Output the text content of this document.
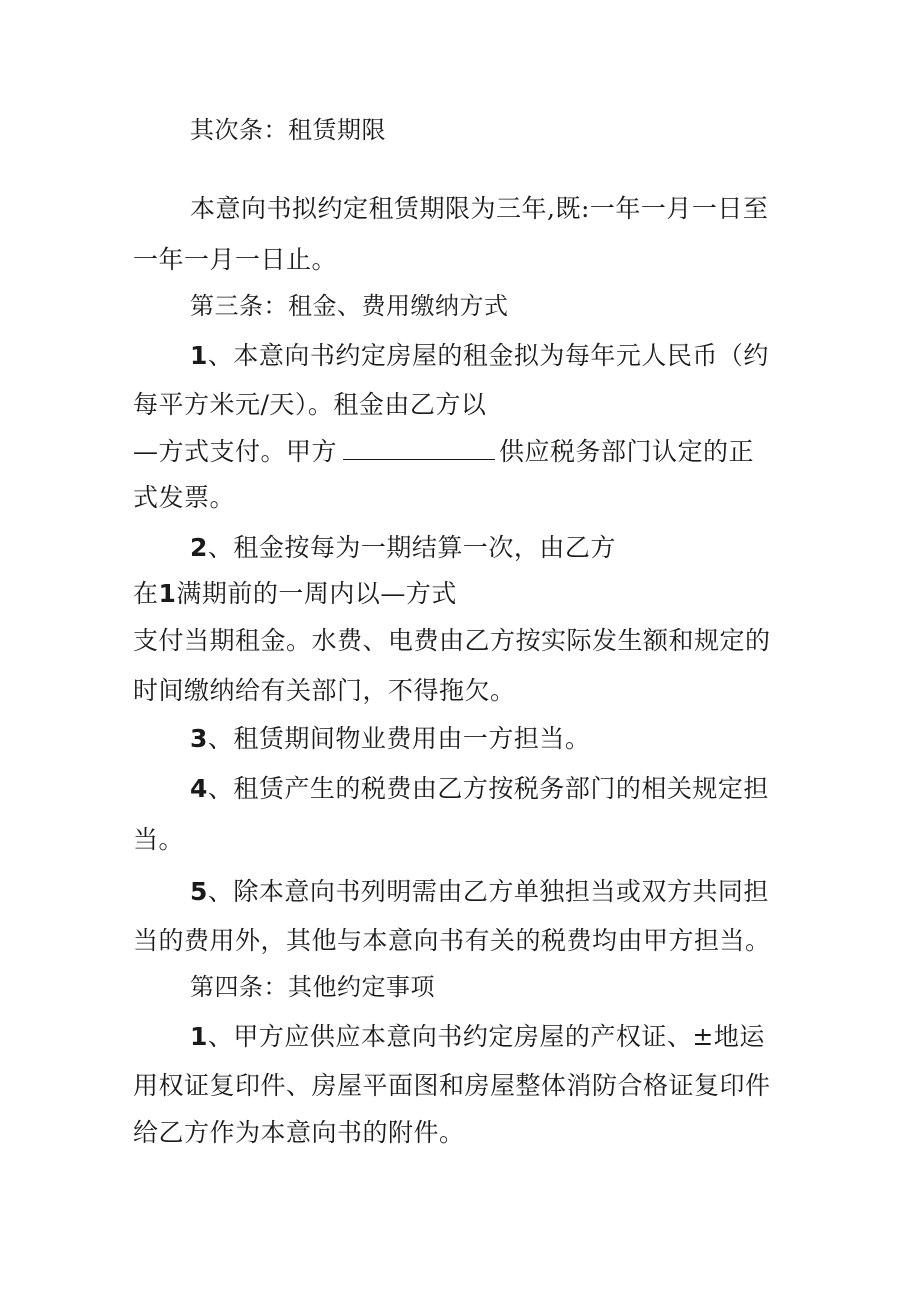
其次条：租赁期限
本意向书拟约定租赁期限为三年,既:一年一月一日至
一年一月一日止。
第三条：租金、费用缴纳方式
1、本意向书约定房屋的租金拟为每年元人民币（约
每平方米元/天）。租金由乙方以
—方式支付。甲方	供应税务部门认定的正
式发票。
2、租金按每为一期结算一次，由乙方
在1满期前的一周内以—方式
支付当期租金。水费、电费由乙方按实际发生额和规定的
时间缴纳给有关部门，不得拖欠。
3、租赁期间物业费用由一方担当。
4、租赁产生的税费由乙方按税务部门的相关规定担
当。
5、除本意向书列明需由乙方单独担当或双方共同担
当的费用外，其他与本意向书有关的税费均由甲方担当。
第四条：其他约定事项
1、甲方应供应本意向书约定房屋的产权证、±地运
用权证复印件、房屋平面图和房屋整体消防合格证复印件
给乙方作为本意向书的附件。
